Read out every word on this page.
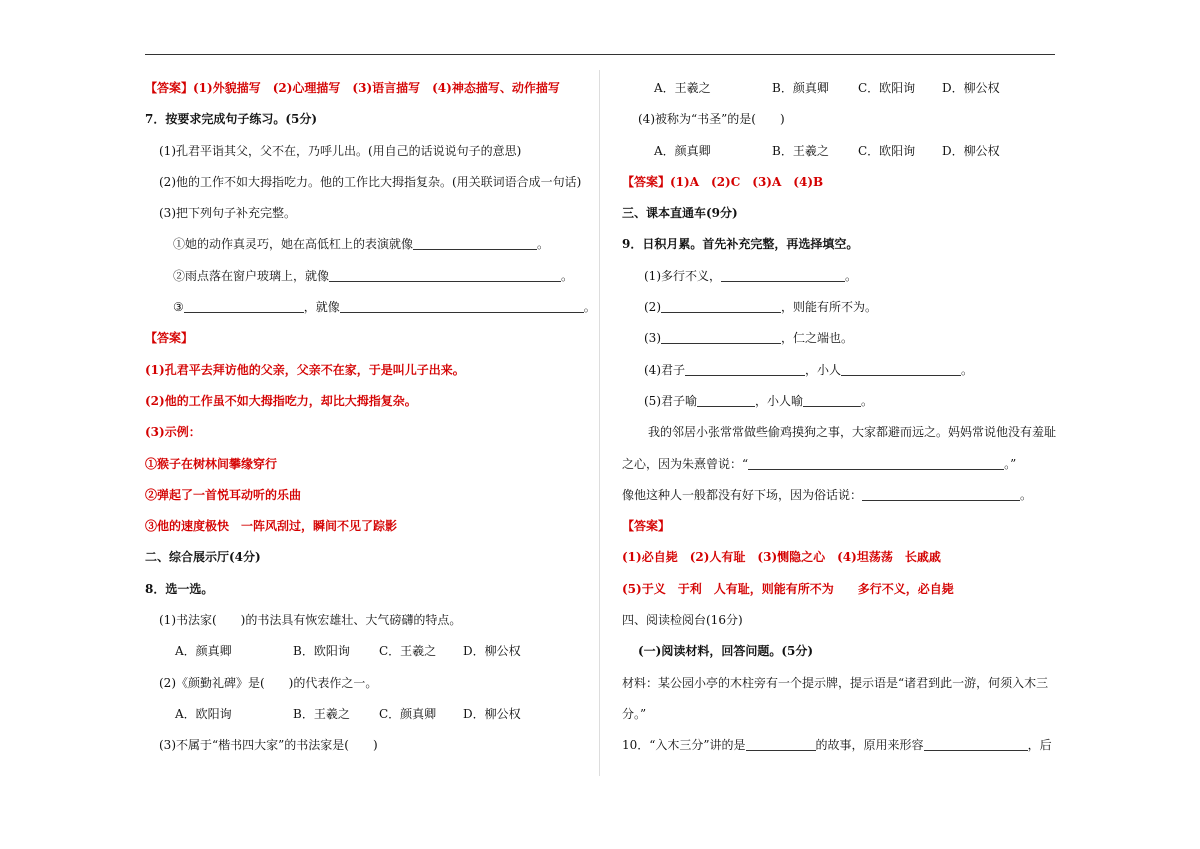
【答案】(1)外貌描写　(2)心理描写　(3)语言描写　(4)神态描写、动作描写
7．按要求完成句子练习。(5分)
(1)孔君平诣其父，父不在，乃呼儿出。(用自己的话说说句子的意思)
(2)他的工作不如大拇指吃力。他的工作比大拇指复杂。(用关联词语合成一句话)
(3)把下列句子补充完整。
①她的动作真灵巧，她在高低杠上的表演就像	。
②雨点落在窗户玻璃上，就像	。
③	，就像	。
【答案】
(1)孔君平去拜访他的父亲，父亲不在家，于是叫儿子出来。
(2)他的工作虽不如大拇指吃力，却比大拇指复杂。
(3)示例：
①猴子在树林间攀缘穿行
②弹起了一首悦耳动听的乐曲
③他的速度极快　一阵风刮过，瞬间不见了踪影
二、综合展示厅(4分)
8．选一选。
(1)书法家(　　)的书法具有恢宏雄壮、大气磅礴的特点。
A．颜真卿	B．欧阳询 C．王羲之 D．柳公权
(2)《颜勤礼碑》是(　　)的代表作之一。
A．欧阳询	B．王羲之 C．颜真卿 D．柳公权
(3)不属于“楷书四大家”的书法家是(　　)
A．王羲之	B．颜真卿 C．欧阳询 D．柳公权
(4)被称为“书圣”的是(　　)
A．颜真卿	B．王羲之 C．欧阳询 D．柳公权
【答案】(1)A　(2)C　(3)A　(4)B
三、课本直通车(9分)
9．日积月累。首先补充完整，再选择填空。
(1)多行不义，	。
(2)	，则能有所不为。
(3)	，仁之端也。
(4)君子	，小人	。
(5)君子喻	，小人喻	。
我的邻居小张常常做些偷鸡摸狗之事，大家都避而远之。妈妈常说他没有羞耻
之心，因为朱熹曾说：“	。”
像他这种人一般都没有好下场，因为俗话说：	。
【答案】
(1)必自毙　(2)人有耻　(3)恻隐之心　(4)坦荡荡　长戚戚
(5)于义　于利　人有耻，则能有所不为　　多行不义，必自毙
四、阅读检阅台(16分)
(一)阅读材料，回答问题。(5分)
材料：某公园小亭的木柱旁有一个提示牌，提示语是“诸君到此一游，何须入木三
分。”
10．“入木三分”讲的是	的故事，原用来形容	，后
